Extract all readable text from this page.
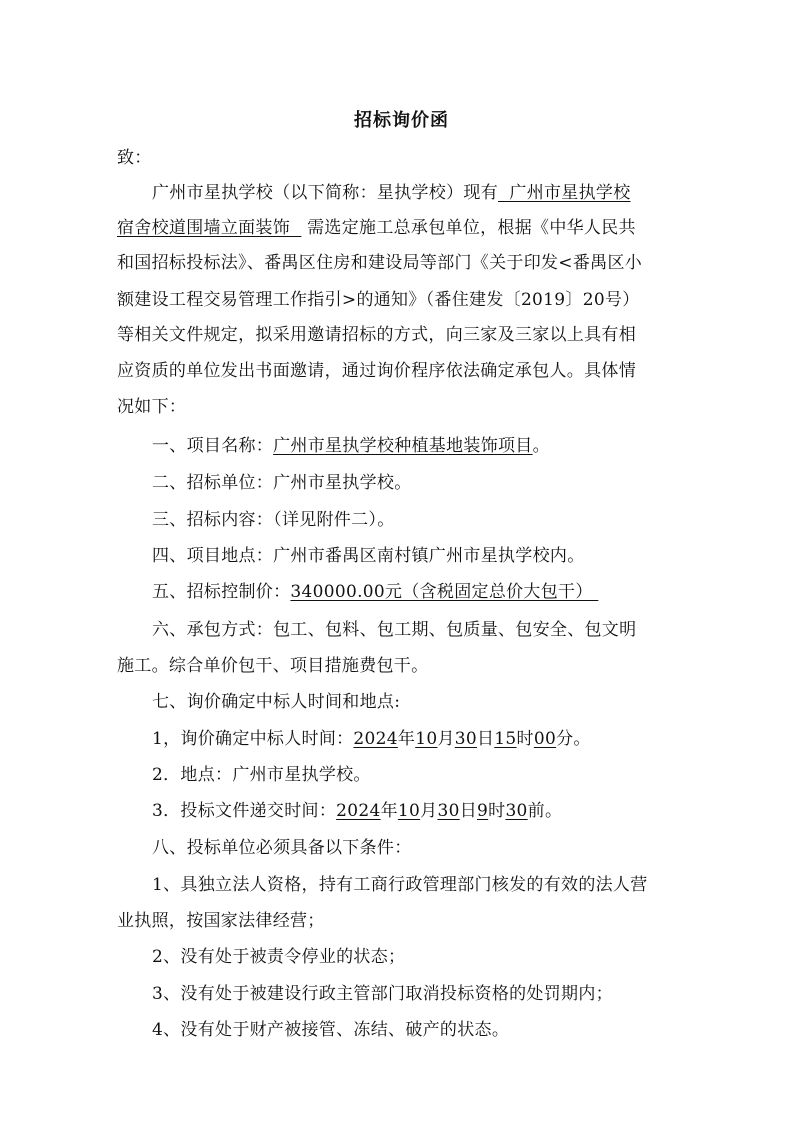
招标询价函
致：
广州市星执学校（以下简称：星执学校）现有  广州市星执学校
宿舍校道围墙立面装饰   需选定施工总承包单位，根据《中华人民共
和国招标投标法》、番禺区住房和建设局等部门《关于印发<番禺区小
额建设工程交易管理工作指引>的通知》（番住建发〔2019〕20号）
等相关文件规定，拟采用邀请招标的方式，向三家及三家以上具有相
应资质的单位发出书面邀请，通过询价程序依法确定承包人。具体情
况如下：
一、项目名称：广州市星执学校种植基地装饰项目。
二、招标单位：广州市星执学校。
三、招标内容：（详见附件二）。
四、项目地点：广州市番禺区南村镇广州市星执学校内。
五、招标控制价：340000.00元（含税固定总价大包干）
六、承包方式：包工、包料、包工期、包质量、包安全、包文明
施工。综合单价包干、项目措施费包干。
七、询价确定中标人时间和地点:
1，询价确定中标人时间：2024年10月30日15时00分。
2．地点：广州市星执学校。
3．投标文件递交时间：2024年10月30日9时30前。
八、投标单位必须具备以下条件：
1、具独立法人资格，持有工商行政管理部门核发的有效的法人营
业执照，按国家法律经营；
2、没有处于被责令停业的状态；
3、没有处于被建设行政主管部门取消投标资格的处罚期内；
4、没有处于财产被接管、冻结、破产的状态。
